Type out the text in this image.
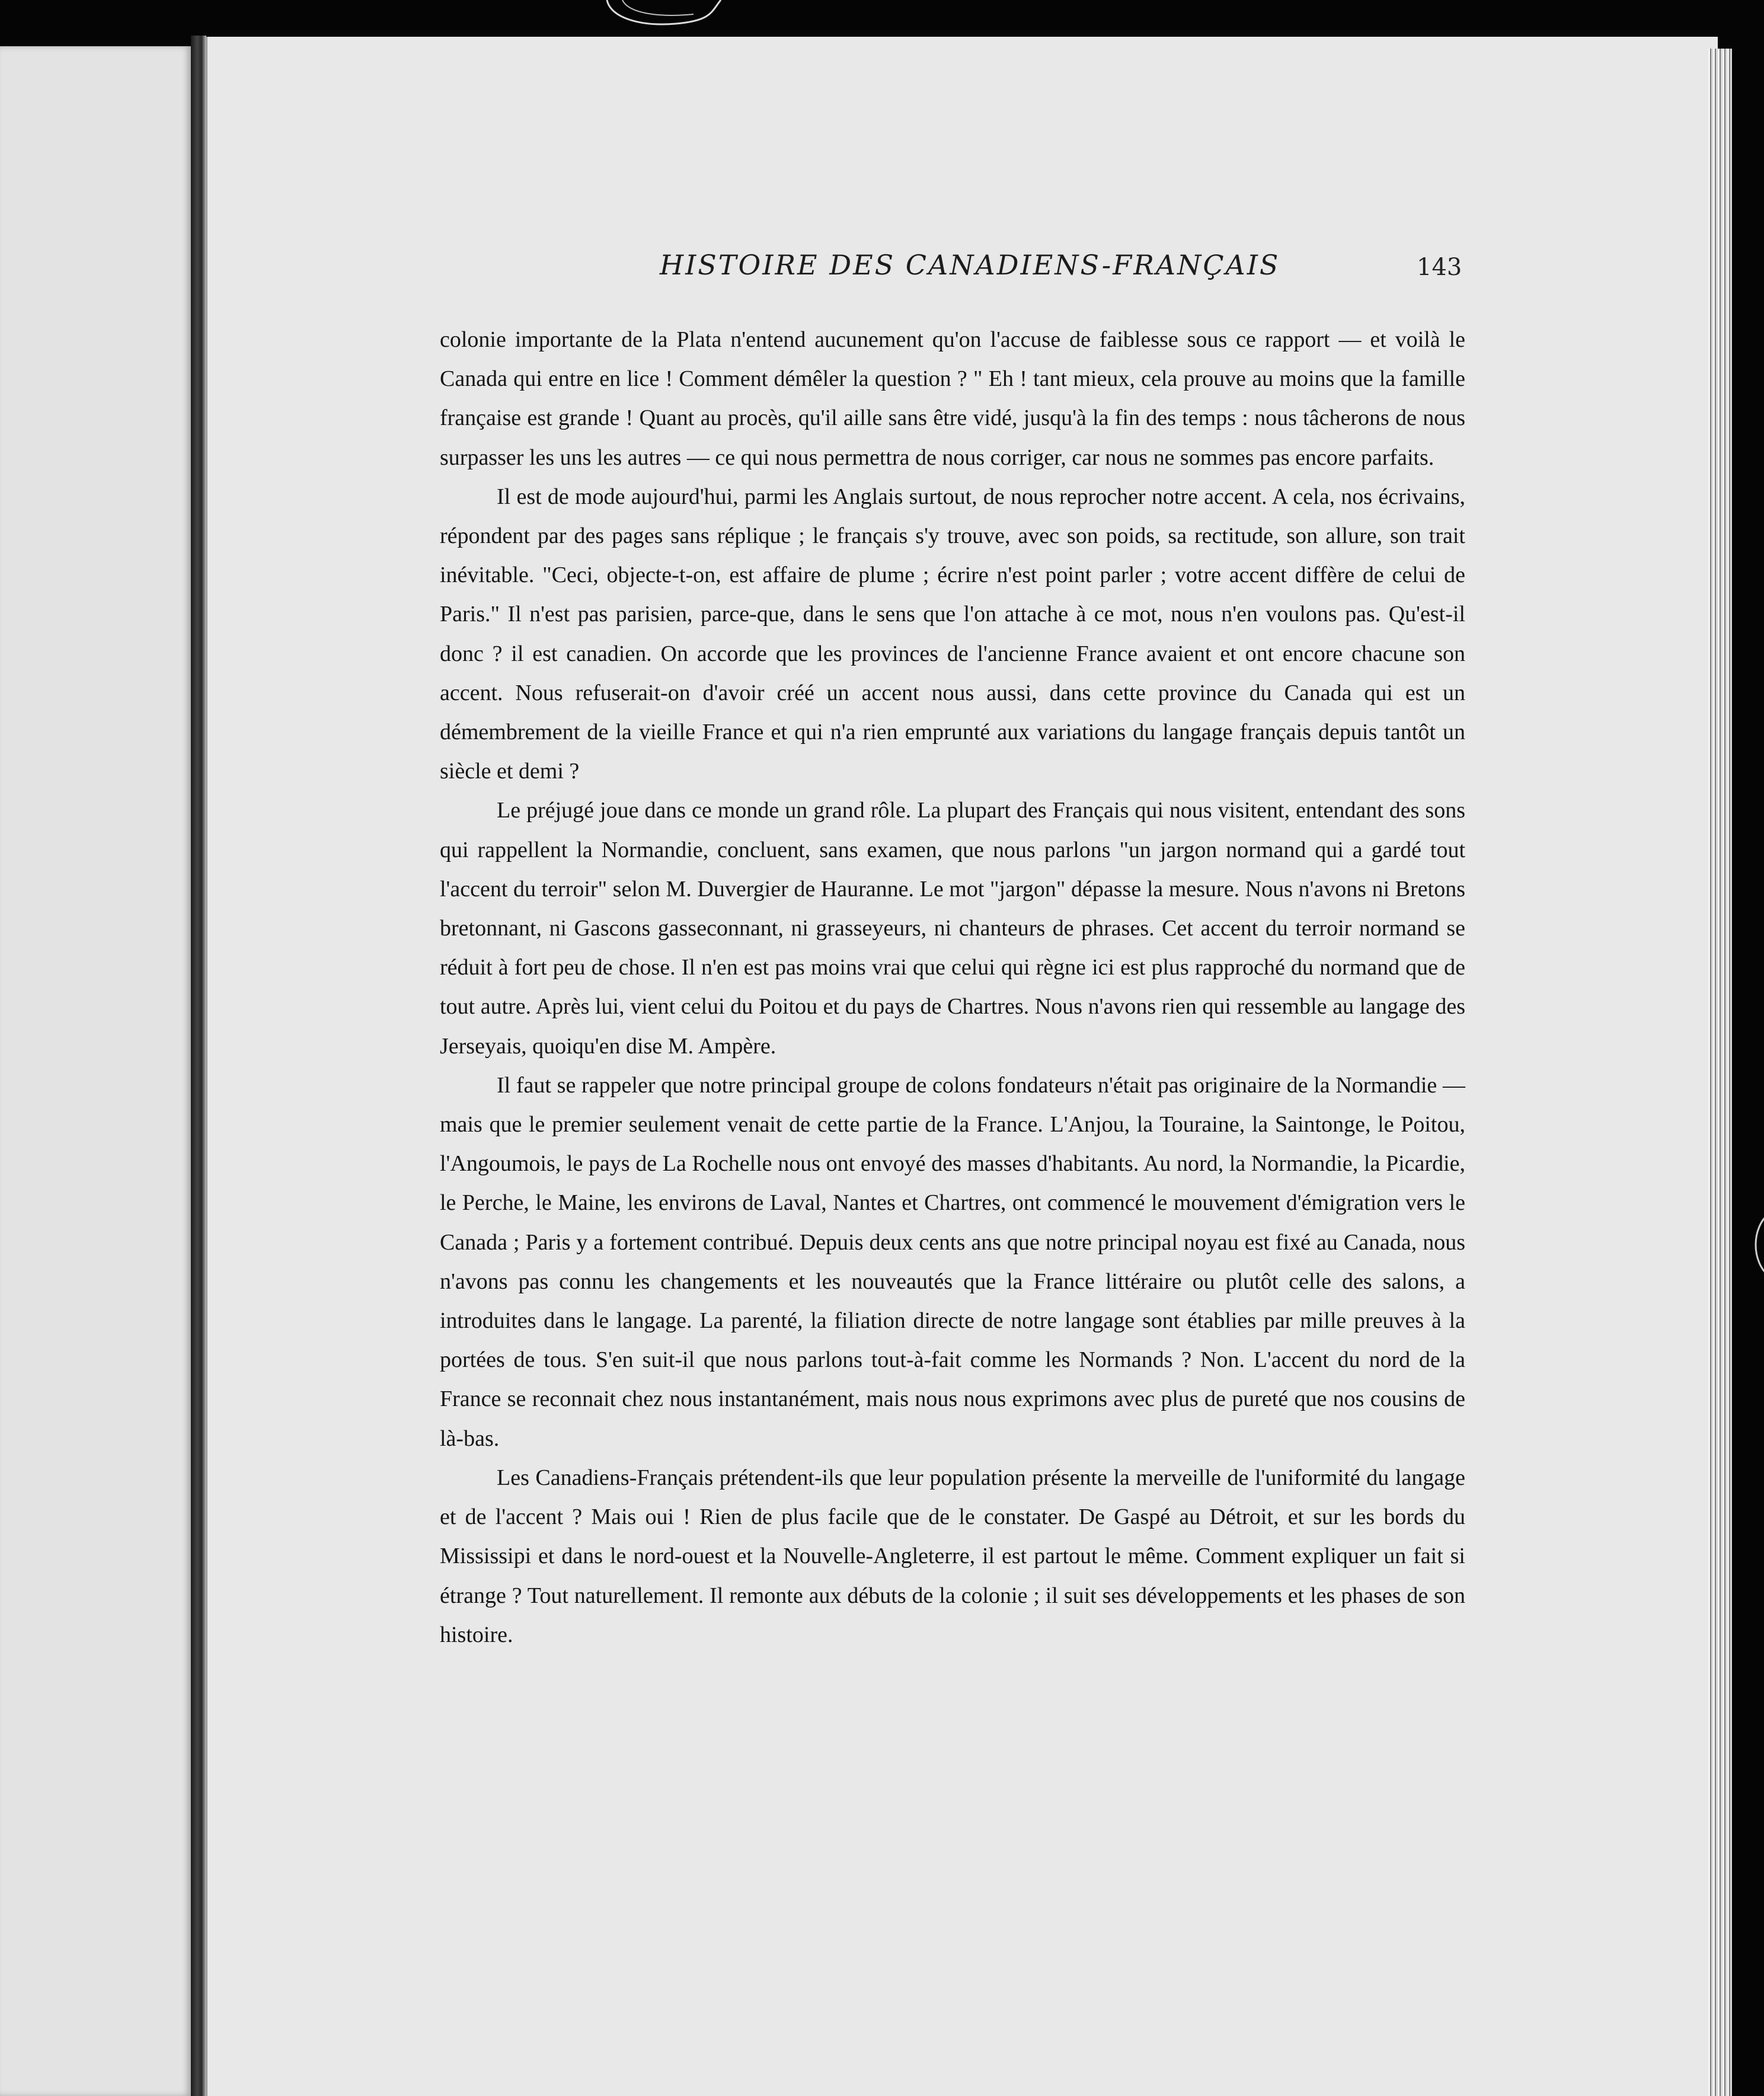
HISTOIRE DES CANADIENS-FRANÇAIS	143

colonie importante de la Plata n'entend aucunement qu'on l'accuse de faiblesse sous ce rapport — et voilà le Canada qui entre en lice ! Comment démêler la question ? " Eh ! tant mieux, cela prouve au moins que la famille française est grande ! Quant au procès, qu'il aille sans être vidé, jusqu'à la fin des temps : nous tâcherons de nous surpasser les uns les autres — ce qui nous permettra de nous corriger, car nous ne sommes pas encore parfaits.

Il est de mode aujourd'hui, parmi les Anglais surtout, de nous reprocher notre accent. A cela, nos écrivains, répondent par des pages sans réplique ; le français s'y trouve, avec son poids, sa rectitude, son allure, son trait inévitable. "Ceci, objecte-t-on, est affaire de plume ; écrire n'est point parler ; votre accent diffère de celui de Paris." Il n'est pas parisien, parce-que, dans le sens que l'on attache à ce mot, nous n'en voulons pas. Qu'est-il donc ? il est canadien. On accorde que les provinces de l'ancienne France avaient et ont encore chacune son accent. Nous refuserait-on d'avoir créé un accent nous aussi, dans cette province du Canada qui est un démembrement de la vieille France et qui n'a rien emprunté aux variations du langage français depuis tantôt un siècle et demi ?

Le préjugé joue dans ce monde un grand rôle. La plupart des Français qui nous visitent, entendant des sons qui rappellent la Normandie, concluent, sans examen, que nous parlons "un jargon normand qui a gardé tout l'accent du terroir" selon M. Duvergier de Hauranne. Le mot "jargon" dépasse la mesure. Nous n'avons ni Bretons bretonnant, ni Gascons gasseconnant, ni grasseyeurs, ni chanteurs de phrases. Cet accent du terroir normand se réduit à fort peu de chose. Il n'en est pas moins vrai que celui qui règne ici est plus rapproché du normand que de tout autre. Après lui, vient celui du Poitou et du pays de Chartres. Nous n'avons rien qui ressemble au langage des Jerseyais, quoiqu'en dise M. Ampère.

Il faut se rappeler que notre principal groupe de colons fondateurs n'était pas originaire de la Normandie — mais que le premier seulement venait de cette partie de la France. L'Anjou, la Touraine, la Saintonge, le Poitou, l'Angoumois, le pays de La Rochelle nous ont envoyé des masses d'habitants. Au nord, la Normandie, la Picardie, le Perche, le Maine, les environs de Laval, Nantes et Chartres, ont commencé le mouvement d'émigration vers le Canada ; Paris y a fortement contribué. Depuis deux cents ans que notre principal noyau est fixé au Canada, nous n'avons pas connu les changements et les nouveautés que la France littéraire ou plutôt celle des salons, a introduites dans le langage. La parenté, la filiation directe de notre langage sont établies par mille preuves à la portées de tous. S'en suit-il que nous parlons tout-à-fait comme les Normands ? Non. L'accent du nord de la France se reconnait chez nous instantanément, mais nous nous exprimons avec plus de pureté que nos cousins de là-bas.

Les Canadiens-Français prétendent-ils que leur population présente la merveille de l'uniformité du langage et de l'accent ? Mais oui ! Rien de plus facile que de le constater. De Gaspé au Détroit, et sur les bords du Mississipi et dans le nord-ouest et la Nouvelle-Angleterre, il est partout le même. Comment expliquer un fait si étrange ? Tout naturellement. Il remonte aux débuts de la colonie ; il suit ses développements et les phases de son histoire.
